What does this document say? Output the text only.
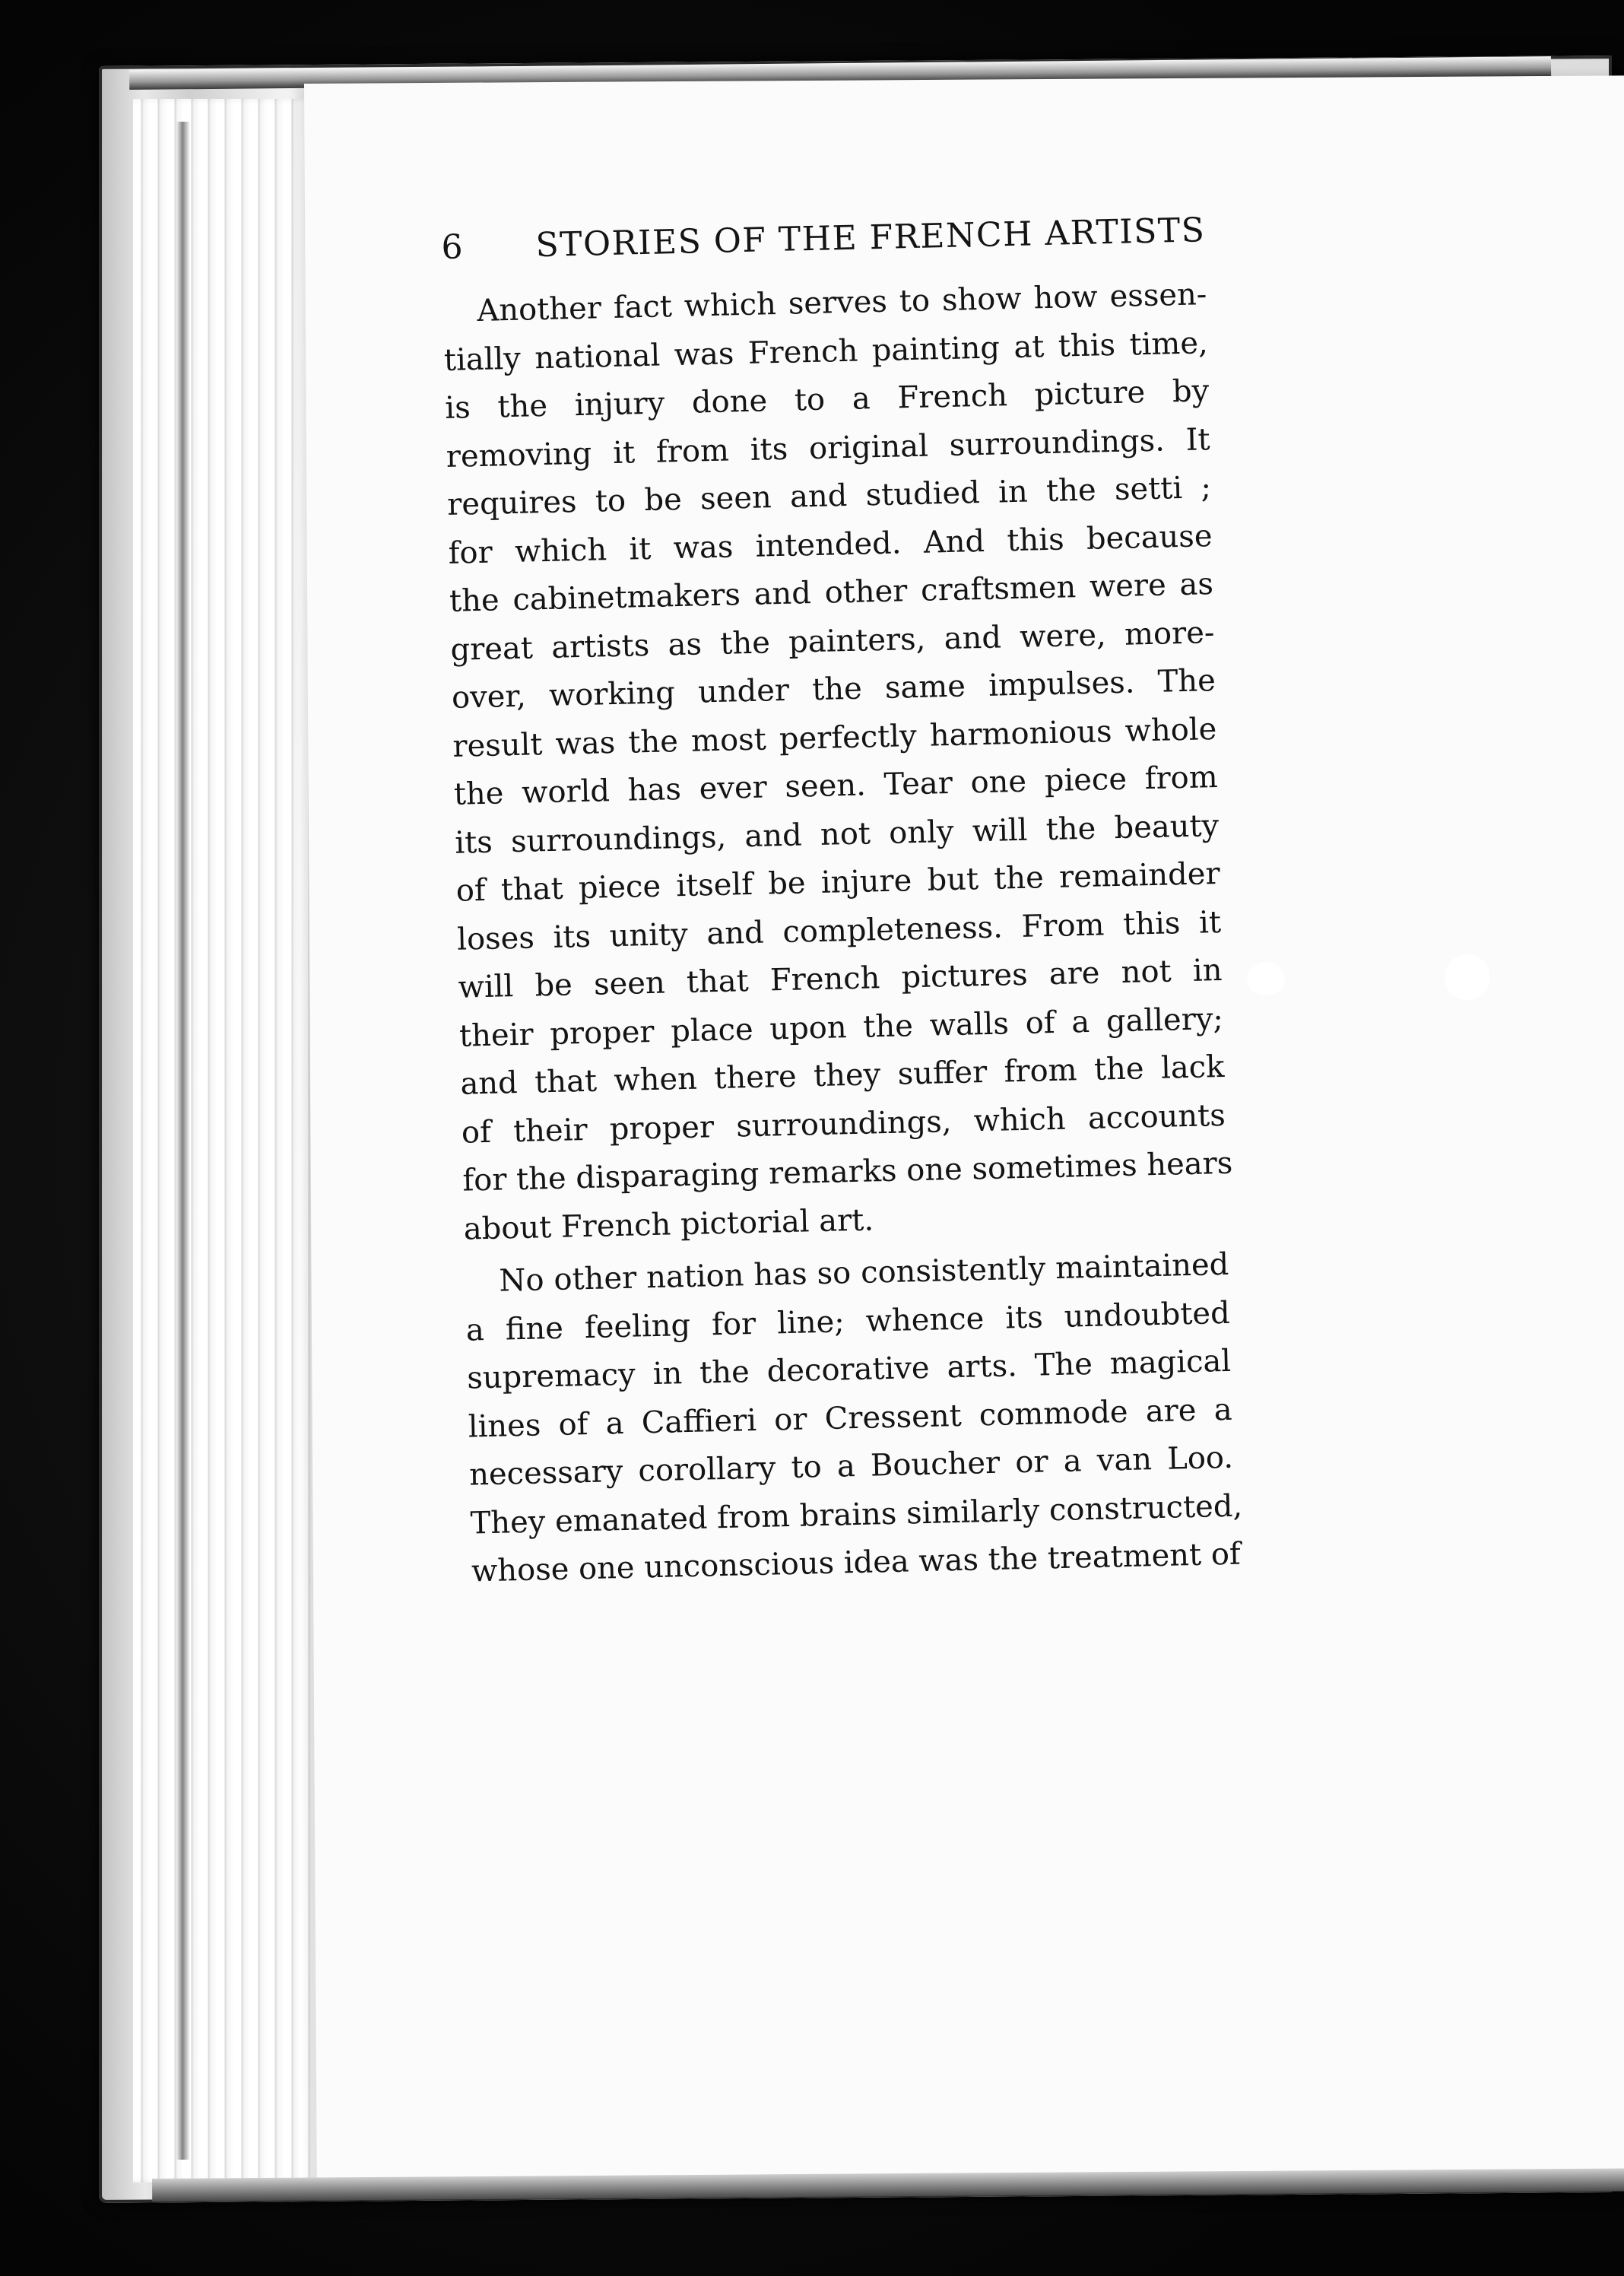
6 STORIES OF THE FRENCH ARTISTS
Another fact which serves to show how essen-
tially national was French painting at this time,
is the injury done to a French picture by
removing it from its original surroundings. It
requires to be seen and studied in the setti ;
for which it was intended. And this because
the cabinetmakers and other craftsmen were as
great artists as the painters, and were, more-
over, working under the same impulses. The
result was the most perfectly harmonious whole
the world has ever seen. Tear one piece from
its surroundings, and not only will the beauty
of that piece itself be injure but the remainder
loses its unity and completeness. From this it
will be seen that French pictures are not in
their proper place upon the walls of a gallery;
and that when there they suffer from the lack
of their proper surroundings, which accounts
for the disparaging remarks one sometimes hears
about French pictorial art.
No other nation has so consistently maintained
a fine feeling for line; whence its undoubted
supremacy in the decorative arts. The magical
lines of a Caffieri or Cressent commode are a
necessary corollary to a Boucher or a van Loo.
They emanated from brains similarly constructed,
whose one unconscious idea was the treatment of
